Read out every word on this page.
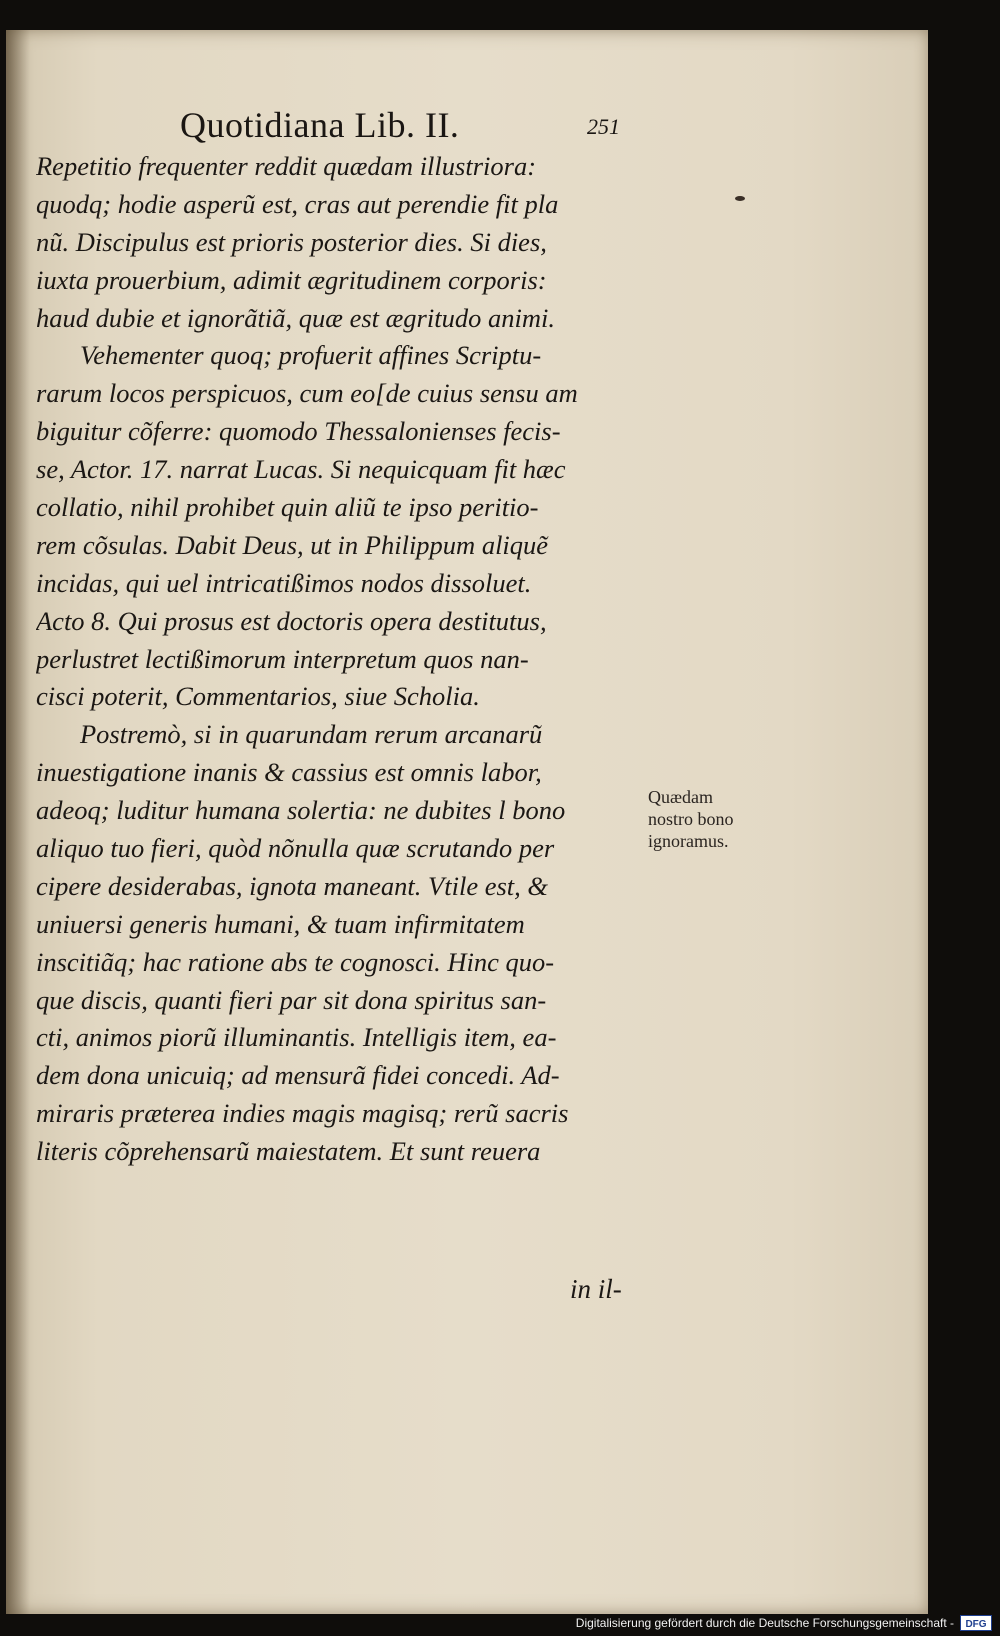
Quotidiana Lib. II.	251
Repetitio frequenter reddit quædam illustriora:
quodq; hodie asperũ est, cras aut perendie fit pla
nũ. Discipulus est prioris posterior dies. Si dies,
iuxta prouerbium, adimit ægritudinem corporis:
haud dubie et ignorãtiã, quæ est ægritudo animi.
Vehementer quoq; profuerit affines Scriptu-
rarum locos perspicuos, cum eo[de cuius sensu am
biguitur cõferre: quomodo Thessalonienses fecis-
se, Actor. 17. narrat Lucas. Si nequicquam fit hæc
collatio, nihil prohibet quin aliũ te ipso peritio-
rem cõsulas. Dabit Deus, ut in Philippum aliquẽ
incidas, qui uel intricatißimos nodos dissoluet.
Acto 8. Qui prosus est doctoris opera destitutus,
perlustret lectißimorum interpretum quos nan-
cisci poterit, Commentarios, siue Scholia.
Postremò, si in quarundam rerum arcanarũ
inuestigatione inanis & cassius est omnis labor,
adeoq; luditur humana solertia: ne dubites l bono
aliquo tuo fieri, quòd nõnulla quæ scrutando per
cipere desiderabas, ignota maneant. Vtile est, &
uniuersi generis humani, & tuam infirmitatem
inscitiãq; hac ratione abs te cognosci. Hinc quo-
que discis, quanti fieri par sit dona spiritus san-
cti, animos piorũ illuminantis. Intelligis item, ea-
dem dona unicuiq; ad mensurã fidei concedi. Ad-
miraris præterea indies magis magisq; rerũ sacris
literis cõprehensarũ maiestatem. Et sunt reuera
in il-
Quædam
nostro bono
ignoramus.
Digitalisierung gefördert durch die Deutsche Forschungsgemeinschaft - DFG
